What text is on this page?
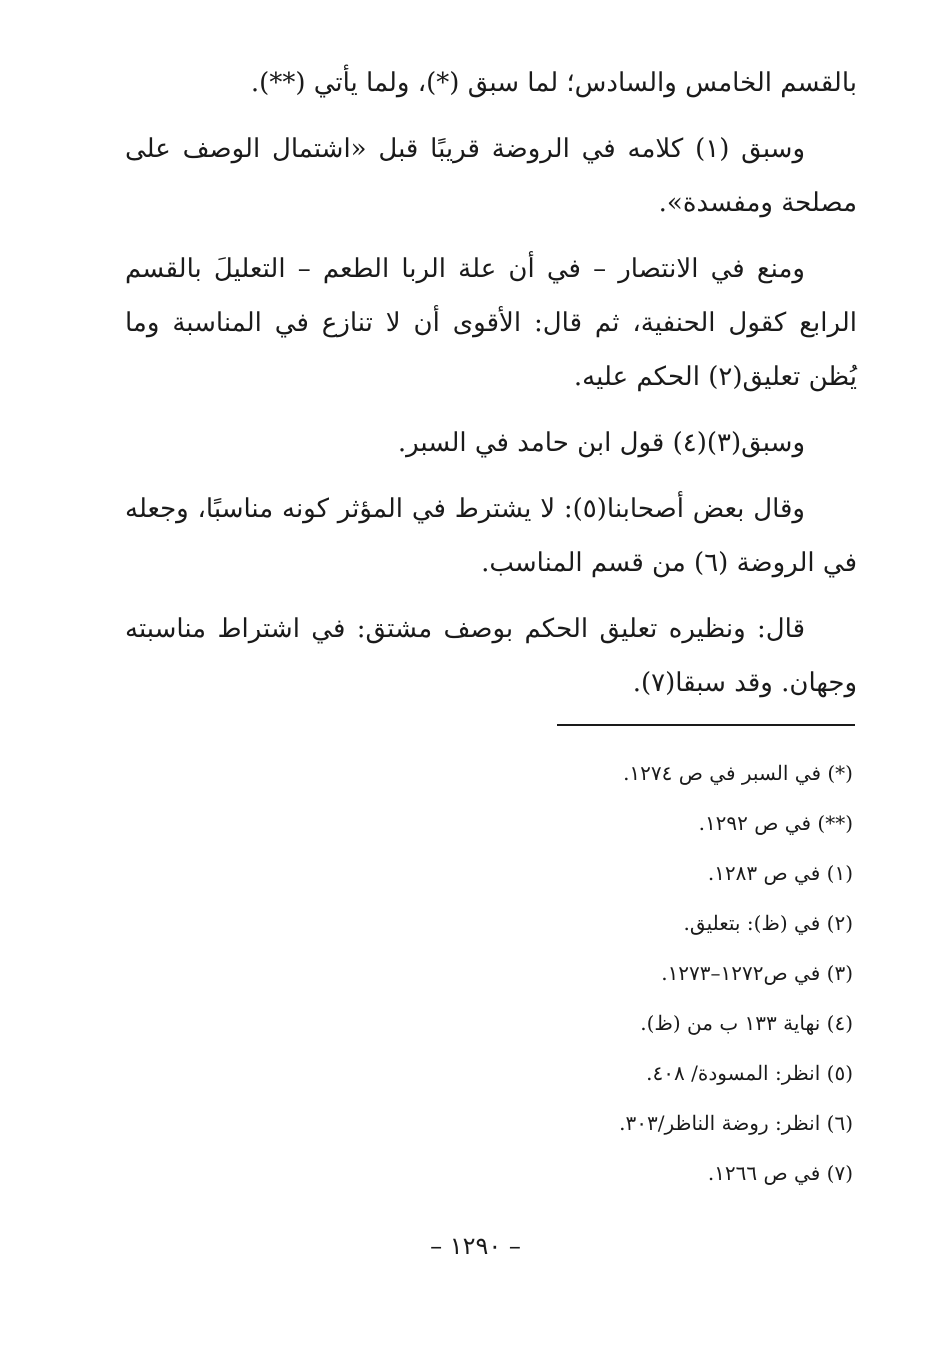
بالقسم الخامس والسادس؛ لما سبق (*)، ولما يأتي (**).

وسبق (١) كلامه في الروضة قريبًا قبل «اشتمال الوصف على مصلحة ومفسدة».

ومنع في الانتصار – في أن علة الربا الطعم – التعليلَ بالقسم الرابع كقول الحنفية، ثم قال: الأقوى أن لا تنازع في المناسبة وما يُظن تعليق(٢) الحكم عليه.

وسبق(٣)(٤) قول ابن حامد في السبر.

وقال بعض أصحابنا(٥): لا يشترط في المؤثر كونه مناسبًا، وجعله في الروضة (٦) من قسم المناسب.

قال: ونظيره تعليق الحكم بوصف مشتق: في اشتراط مناسبته وجهان. وقد سبقا(٧).

(*) في السبر في ص ١٢٧٤.
(**) في ص ١٢٩٢.
(١) في ص ١٢٨٣.
(٢) في (ظ): بتعليق.
(٣) في ص١٢٧٢–١٢٧٣.
(٤) نهاية ١٣٣ ب من (ظ).
(٥) انظر: المسودة/ ٤٠٨.
(٦) انظر: روضة الناظر/٣٠٣.
(٧) في ص ١٢٦٦.
– ١٢٩٠ –
